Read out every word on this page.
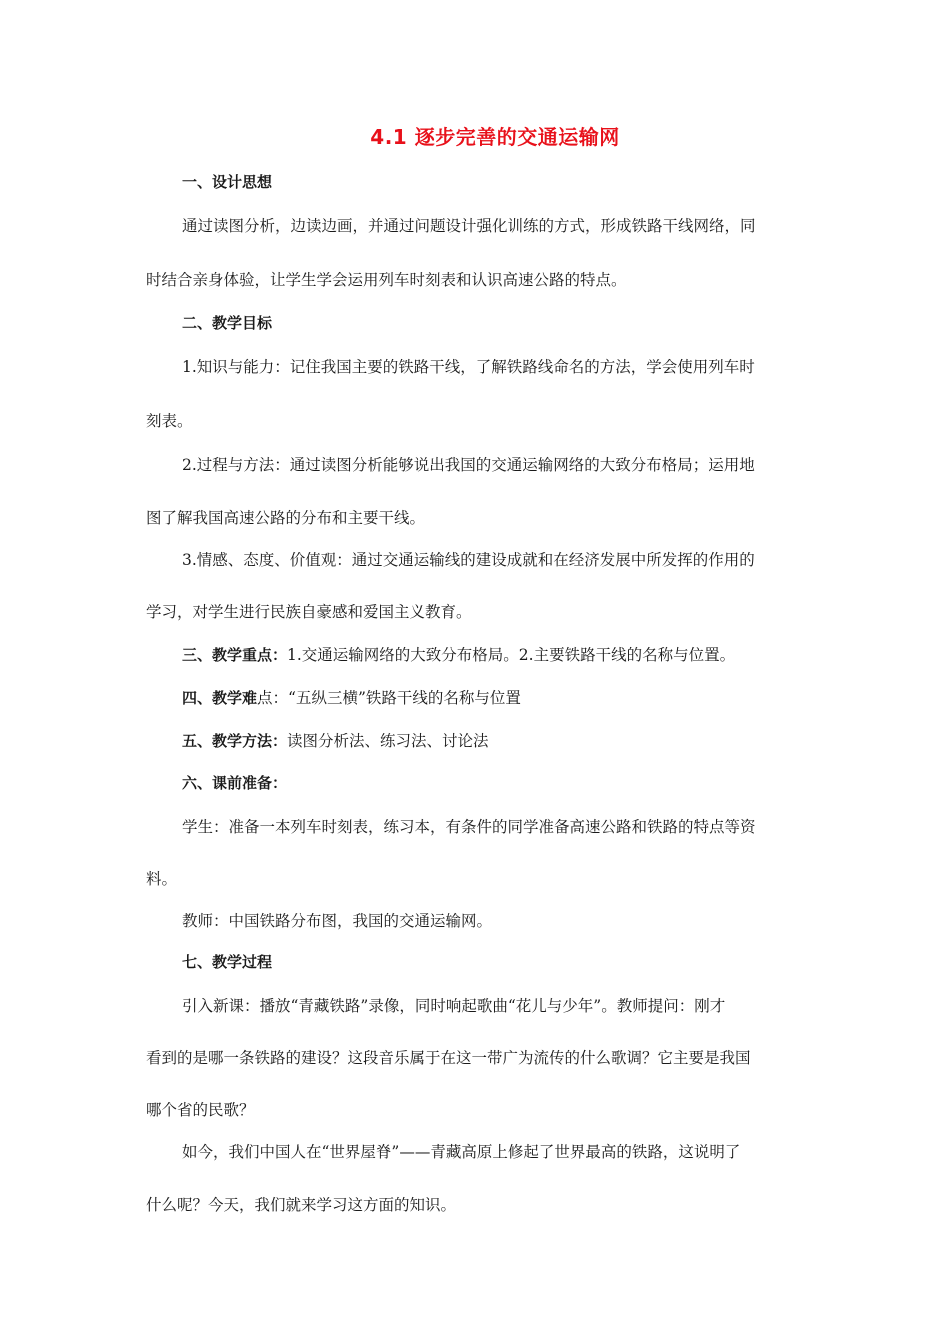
4.1 逐步完善的交通运输网
一、设计思想
通过读图分析，边读边画，并通过问题设计强化训练的方式，形成铁路干线网络，同
时结合亲身体验，让学生学会运用列车时刻表和认识高速公路的特点。
二、教学目标
1.知识与能力：记住我国主要的铁路干线，了解铁路线命名的方法，学会使用列车时
刻表。
2.过程与方法：通过读图分析能够说出我国的交通运输网络的大致分布格局；运用地
图了解我国高速公路的分布和主要干线。
3.情感、态度、价值观：通过交通运输线的建设成就和在经济发展中所发挥的作用的
学习，对学生进行民族自豪感和爱国主义教育。
三、教学重点：1.交通运输网络的大致分布格局。2.主要铁路干线的名称与位置。
四、教学难点：“五纵三横”铁路干线的名称与位置
五、教学方法：读图分析法、练习法、讨论法
六、课前准备：
学生：准备一本列车时刻表，练习本，有条件的同学准备高速公路和铁路的特点等资
料。
教师：中国铁路分布图，我国的交通运输网。
七、教学过程
引入新课：播放“青藏铁路”录像，同时响起歌曲“花儿与少年”。教师提问：刚才
看到的是哪一条铁路的建设？这段音乐属于在这一带广为流传的什么歌调？它主要是我国
哪个省的民歌？
如今，我们中国人在“世界屋脊”——青藏高原上修起了世界最高的铁路，这说明了
什么呢？今天，我们就来学习这方面的知识。
